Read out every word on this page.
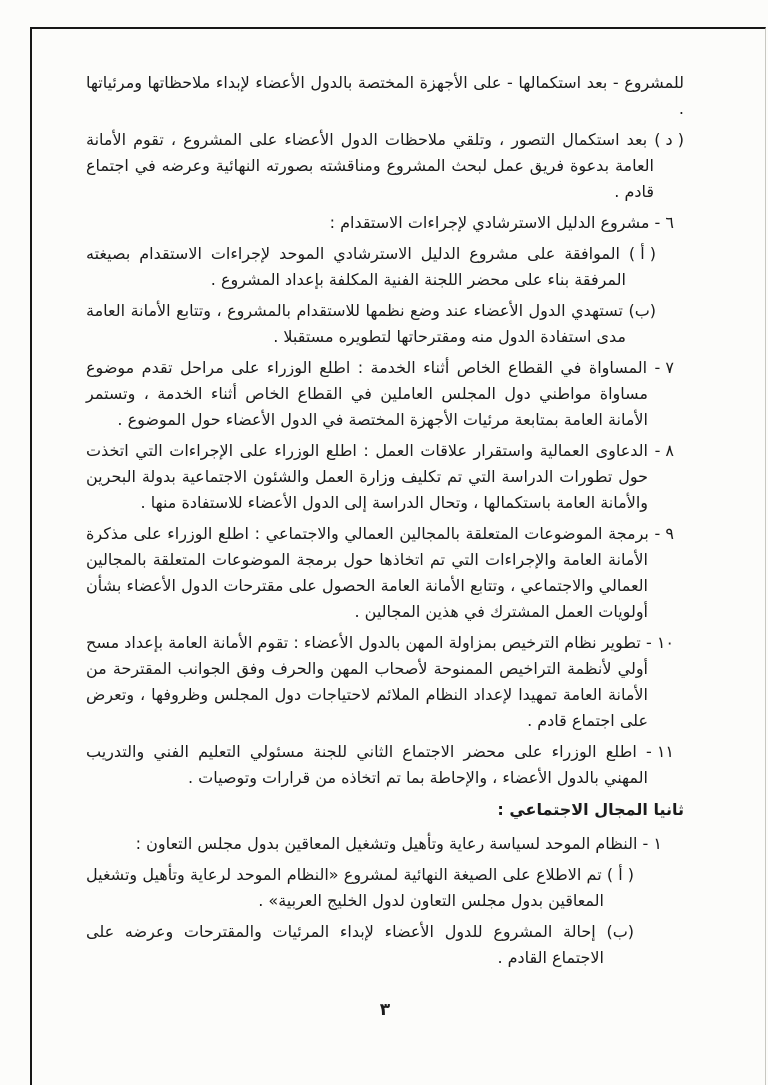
للمشروع - بعد استكمالها - على الأجهزة المختصة بالدول الأعضاء لإبداء ملاحظاتها ومرئياتها .

( د ) بعد استكمال التصور ، وتلقي ملاحظات الدول الأعضاء على المشروع ، تقوم الأمانة العامة بدعوة فريق عمل لبحث المشروع ومناقشته بصورته النهائية وعرضه في اجتماع قادم .

٦ - مشروع الدليل الاسترشادي لإجراءات الاستقدام :

( أ ) الموافقة على مشروع الدليل الاسترشادي الموحد لإجراءات الاستقدام بصيغته المرفقة بناء على محضر اللجنة الفنية المكلفة بإعداد المشروع .

(ب) تستهدي الدول الأعضاء عند وضع نظمها للاستقدام بالمشروع ، وتتابع الأمانة العامة مدى استفادة الدول منه ومقترحاتها لتطويره مستقبلا .

٧ - المساواة في القطاع الخاص أثناء الخدمة : اطلع الوزراء على مراحل تقدم موضوع مساواة مواطني دول المجلس العاملين في القطاع الخاص أثناء الخدمة ، وتستمر الأمانة العامة بمتابعة مرئيات الأجهزة المختصة في الدول الأعضاء حول الموضوع .

٨ - الدعاوى العمالية واستقرار علاقات العمل : اطلع الوزراء على الإجراءات التي اتخذت حول تطورات الدراسة التي تم تكليف وزارة العمل والشئون الاجتماعية بدولة البحرين والأمانة العامة باستكمالها ، وتحال الدراسة إلى الدول الأعضاء للاستفادة منها .

٩ - برمجة الموضوعات المتعلقة بالمجالين العمالي والاجتماعي : اطلع الوزراء على مذكرة الأمانة العامة والإجراءات التي تم اتخاذها حول برمجة الموضوعات المتعلقة بالمجالين العمالي والاجتماعي ، وتتابع الأمانة العامة الحصول على مقترحات الدول الأعضاء بشأن أولويات العمل المشترك في هذين المجالين .

١٠ - تطوير نظام الترخيص بمزاولة المهن بالدول الأعضاء : تقوم الأمانة العامة بإعداد مسح أولي لأنظمة التراخيص الممنوحة لأصحاب المهن والحرف وفق الجوانب المقترحة من الأمانة العامة تمهيدا لإعداد النظام الملائم لاحتياجات دول المجلس وظروفها ، وتعرض على اجتماع قادم .

١١ - اطلع الوزراء على محضر الاجتماع الثاني للجنة مسئولي التعليم الفني والتدريب المهني بالدول الأعضاء ، والإحاطة بما تم اتخاذه من قرارات وتوصيات .

ثانيا المجال الاجتماعي :

١ - النظام الموحد لسياسة رعاية وتأهيل وتشغيل المعاقين بدول مجلس التعاون :

( أ ) تم الاطلاع على الصيغة النهائية لمشروع «النظام الموحد لرعاية وتأهيل وتشغيل المعاقين بدول مجلس التعاون لدول الخليج العربية» .

(ب) إحالة المشروع للدول الأعضاء لإبداء المرئيات والمقترحات وعرضه على الاجتماع القادم .

٣
